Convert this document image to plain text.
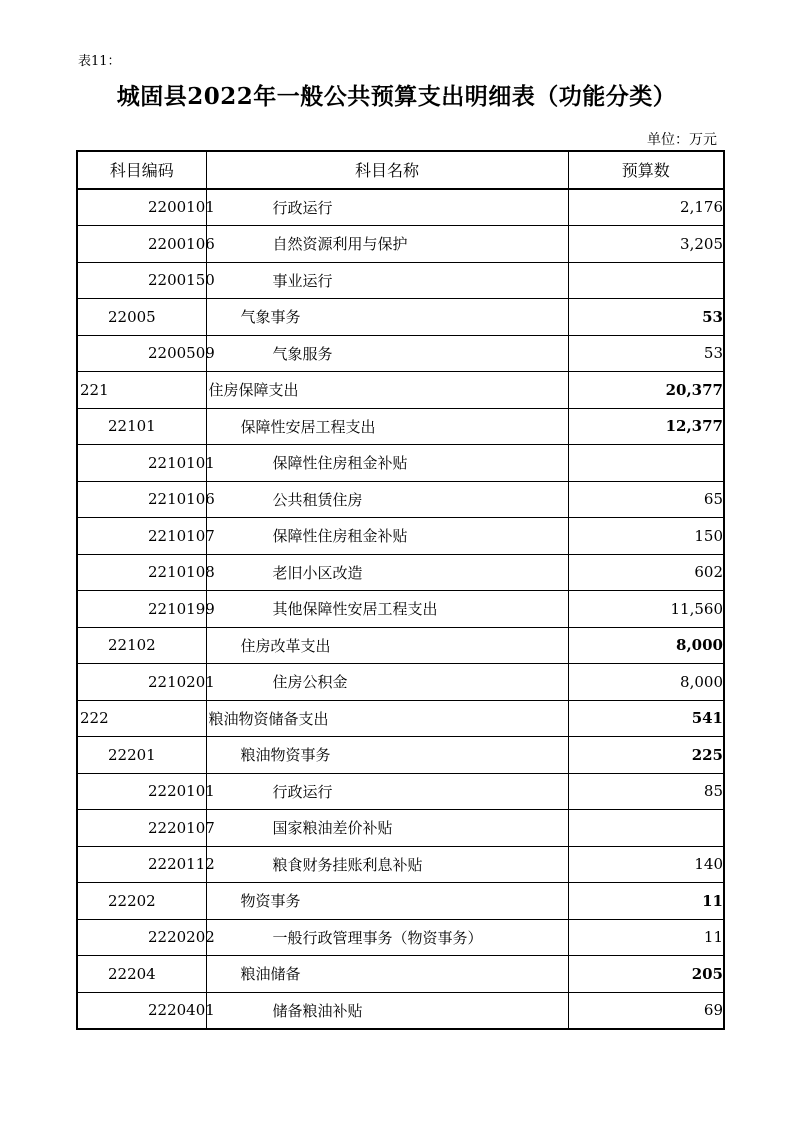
表11：
城固县2022年一般公共预算支出明细表（功能分类）
单位：万元
科目编码	科目名称	预算数
2200101	行政运行	2,176
2200106	自然资源利用与保护	3,205
2200150	事业运行	
22005	气象事务	53
2200509	气象服务	53
221	住房保障支出	20,377
22101	保障性安居工程支出	12,377
2210101	保障性住房租金补贴	
2210106	公共租赁住房	65
2210107	保障性住房租金补贴	150
2210108	老旧小区改造	602
2210199	其他保障性安居工程支出	11,560
22102	住房改革支出	8,000
2210201	住房公积金	8,000
222	粮油物资储备支出	541
22201	粮油物资事务	225
2220101	行政运行	85
2220107	国家粮油差价补贴	
2220112	粮食财务挂账利息补贴	140
22202	物资事务	11
2220202	一般行政管理事务（物资事务）	11
22204	粮油储备	205
2220401	储备粮油补贴	69
